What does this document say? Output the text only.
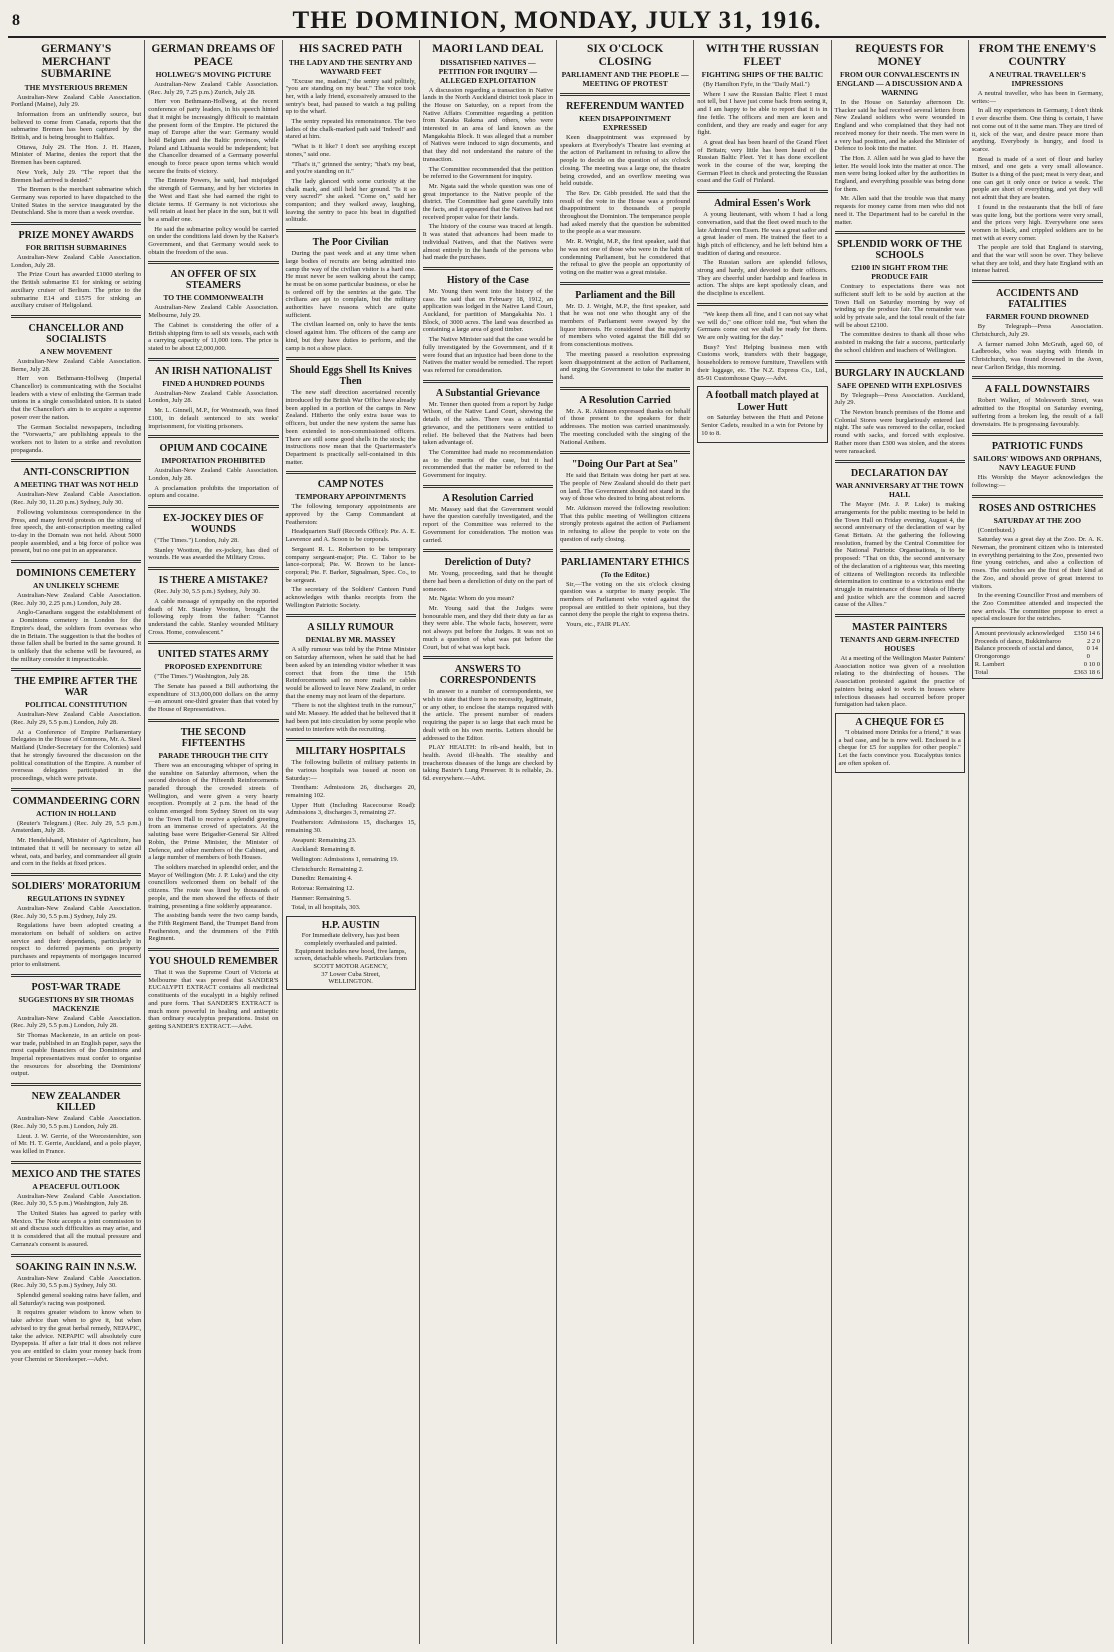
8	THE DOMINION, MONDAY, JULY 31, 1916.
GERMANY'S MERCHANT SUBMARINE
THE MYSTERIOUS BREMEN

Australian-New Zealand Cable Association. Portland (Maine), July 29.

Information from an unfriendly source, but believed to come from Canada, reports that the submarine Bremen has been captured by the British, and is being brought to Halifax.

Ottawa, July 29. The Hon. J. H. Hazen, Minister of Marine, denies the report that the Bremen has been captured.

New York, July 29. "The report that the Bremen had arrived is denied."

The Bremen is the merchant submarine which Germany was reported to have dispatched to the United States in the service inaugurated by the Deutschland. She is more than a week overdue.

PRIZE MONEY AWARDS
FOR BRITISH SUBMARINES

Australian-New Zealand Cable Association. London, July 28.

The Prize Court has awarded £1000 sterling to the British submarine E1 for sinking or seizing auxiliary cruiser of Berlium. The prize to the submarine E14 and £1575 for sinking an auxiliary cruiser of Heligoland.

CHANCELLOR AND SOCIALISTS
A NEW MOVEMENT

Australian-New Zealand Cable Association. Berne, July 28.

Herr von Bethmann-Hollweg (Imperial Chancellor) is communicating with the Socialist leaders with a view of enlisting the German trade unions in a single consolidated union. It is stated that the Chancellor's aim is to acquire a supreme power over the nation.

The German Socialist newspapers, including the "Vorwaerts," are publishing appeals to the workers not to listen to a strike and revolution propaganda.

ANTI-CONSCRIPTION
A MEETING THAT WAS NOT HELD

Australian-New Zealand Cable Association. (Rec. July 30, 11.20 p.m.) Sydney, July 30.

Following voluminous correspondence in the Press, and many fervid protests on the sitting of free speech, the anti-conscription meeting called to-day in the Domain was not held. About 5000 people assembled, and a big force of police was present, but no one put in an appearance.

DOMINIONS CEMETERY
AN UNLIKELY SCHEME

Australian-New Zealand Cable Association. (Rec. July 30, 2.25 p.m.) London, July 28.

Anglo-Canadians suggest the establishment of a Dominions cemetery in London for the Empire's dead, the soldiers from overseas who die in Britain. The suggestion is that the bodies of those fallen shall be buried in the same ground. It is unlikely that the scheme will be favoured, as the military consider it impracticable.

THE EMPIRE AFTER THE WAR
POLITICAL CONSTITUTION

Australian-New Zealand Cable Association. (Rec. July 29, 5.5 p.m.) London, July 28.

At a Conference of Empire Parliamentary Delegates in the House of Commons, Mr. A. Steel Maitland (Under-Secretary for the Colonies) said that he strongly favoured the discussion on the political constitution of the Empire. A number of overseas delegates participated in the proceedings, which were private.

COMMANDEERING CORN
ACTION IN HOLLAND

(Reuter's Telegram.) (Rec. July 29, 5.5 p.m.) Amsterdam, July 28.

Mr. Hendelshand, Minister of Agriculture, has intimated that it will be necessary to seize all wheat, oats, and barley, and commandeer all grain and corn in the fields at fixed prices.

SOLDIERS' MORATORIUM
REGULATIONS IN SYDNEY

Australian-New Zealand Cable Association. (Rec. July 30, 5.5 p.m.) Sydney, July 29.

Regulations have been adopted creating a moratorium on behalf of soldiers on active service and their dependants, particularly in respect to deferred payments on property purchases and repayments of mortgages incurred prior to enlistment.

POST-WAR TRADE
SUGGESTIONS BY SIR THOMAS MACKENZIE

Australian-New Zealand Cable Association. (Rec. July 29, 5.5 p.m.) London, July 28.

Sir Thomas Mackenzie, in an article on post-war trade, published in an English paper, says the most capable financiers of the Dominions and Imperial representatives must confer to organise the resources for absorbing the Dominions' output.

NEW ZEALANDER KILLED

Australian-New Zealand Cable Association. (Rec. July 30, 5.5 p.m.) London, July 28.

Lieut. J. W. Gerrie, of the Worcestershire, son of Mr. H. T. Gerrie, Auckland, and a polo player, was killed in France.

MEXICO AND THE STATES
A PEACEFUL OUTLOOK

Australian-New Zealand Cable Association. (Rec. July 30, 5.5 p.m.) Washington, July 28.

The United States has agreed to parley with Mexico. The Note accepts a joint commission to sit and discuss such difficulties as may arise, and it is considered that all the mutual pressure and Carranza's consent is assured.

SOAKING RAIN IN N.S.W.

Australian-New Zealand Cable Association. (Rec. July 30, 5.5 p.m.) Sydney, July 30.

Splendid general soaking rains have fallen, and all Saturday's racing was postponed.

It requires greater wisdom to know when to take advice than when to give it, but when advised to try the great herbal remedy, NEPAPIC, take the advice. NEPAPIC will absolutely cure Dyspepsia. If after a fair trial it does not relieve you are entitled to claim your money back from your Chemist or Storekeeper.—Advt.

GERMAN DREAMS OF PEACE
HOLLWEG'S MOVING PICTURE

Australian-New Zealand Cable Association. (Rec. July 29, 7.25 p.m.) Zurich, July 28.

Herr von Bethmann-Hollweg, at the recent conference of party leaders, in his speech hinted that it might be increasingly difficult to maintain the present form of the Empire. He pictured the map of Europe after the war: Germany would hold Belgium and the Baltic provinces, while Poland and Lithuania would be independent; but the Chancellor dreamed of a Germany powerful enough to force peace upon terms which would secure the fruits of victory.

The Entente Powers, he said, had misjudged the strength of Germany, and by her victories in the West and East she had earned the right to dictate terms. If Germany is not victorious she will retain at least her place in the sun, but it will be a smaller one.

He said the submarine policy would be carried on under the conditions laid down by the Kaiser's Government, and that Germany would seek to obtain the freedom of the seas.

AN OFFER OF SIX STEAMERS
TO THE COMMONWEALTH

Australian-New Zealand Cable Association. Melbourne, July 29.

The Cabinet is considering the offer of a British shipping firm to sell six vessels, each with a carrying capacity of 11,000 tons. The price is stated to be about £2,000,000.

AN IRISH NATIONALIST
FINED A HUNDRED POUNDS

Australian-New Zealand Cable Association. London, July 28.

Mr. L. Ginnell, M.P., for Westmeath, was fined £100, in default sentenced to six weeks' imprisonment, for visiting prisoners.

OPIUM AND COCAINE
IMPORTATION PROHIBITED

Australian-New Zealand Cable Association. London, July 28.

A proclamation prohibits the importation of opium and cocaine.

EX-JOCKEY DIES OF WOUNDS

("The Times.") London, July 28.

Stanley Wootton, the ex-jockey, has died of wounds. He was awarded the Military Cross.

IS THERE A MISTAKE?

(Rec. July 30, 5.5 p.m.) Sydney, July 30.

A cable message of sympathy on the reported death of Mr. Stanley Wootton, brought the following reply from the father: "Cannot understand the cable. Stanley wounded Military Cross. Home, convalescent."

UNITED STATES ARMY
PROPOSED EXPENDITURE

("The Times.") Washington, July 28.

The Senate has passed a Bill authorising the expenditure of 313,000,000 dollars on the army—an amount one-third greater than that voted by the House of Representatives.

THE SECOND FIFTEENTHS
PARADE THROUGH THE CITY

There was an encouraging whisper of spring in the sunshine on Saturday afternoon, when the second division of the Fifteenth Reinforcements paraded through the crowded streets of Wellington, and were given a very hearty reception. Promptly at 2 p.m. the head of the column emerged from Sydney Street on its way to the Town Hall to receive a splendid greeting from an immense crowd of spectators. At the saluting base were Brigadier-General Sir Alfred Robin, the Prime Minister, the Minister of Defence, and other members of the Cabinet, and a large number of members of both Houses.

The soldiers marched in splendid order, and the Mayor of Wellington (Mr. J. P. Luke) and the city councillors welcomed them on behalf of the citizens. The route was lined by thousands of people, and the men showed the effects of their training, presenting a fine soldierly appearance.

The assisting bands were the two camp bands, the Fifth Regiment Band, the Trumpet Band from Featherston, and the drummers of the Fifth Regiment.

YOU SHOULD REMEMBER

That it was the Supreme Court of Victoria at Melbourne that was proved that SANDER'S EUCALYPTI EXTRACT contains all medicinal constituents of the eucalypti in a highly refined and pure form. That SANDER'S EXTRACT is much more powerful in healing and antiseptic than ordinary eucalyptus preparations. Insist on getting SANDER'S EXTRACT.—Advt.

HIS SACRED PATH
THE LADY AND THE SENTRY AND WAYWARD FEET

"Excuse me, madam," the sentry said politely, "you are standing on my beat." The voice took her, with a lady friend, excessively amused to the sentry's beat, had paused to watch a tug pulling up to the wharf.

The sentry repeated his remonstrance. The two ladies of the chalk-marked path said 'Indeed!' and stared at him.

"What is it like? I don't see anything except stones," said one.

"That's it," grinned the sentry; "that's my beat, and you're standing on it."

The lady glanced with some curiosity at the chalk mark, and still held her ground. "Is it so very sacred?" she asked. "Come on," said her companion; and they walked away, laughing, leaving the sentry to pace his beat in dignified solitude.

The Poor Civilian

During the past week and at any time when large bodies of recruits are being admitted into camp the way of the civilian visitor is a hard one. He must never be seen walking about the camp; he must be on some particular business, or else he is ordered off by the sentries at the gate. The civilians are apt to complain, but the military authorities have reasons which are quite sufficient.

The civilian learned on, only to have the tents closed against him. The officers of the camp are kind, but they have duties to perform, and the camp is not a show place.

Should Eggs Shell Its Knives Then

The new staff direction ascertained recently introduced by the British War Office have already been applied in a portion of the camps in New Zealand. Hitherto the only extra issue was to officers, but under the new system the same has been extended to non-commissioned officers. There are still some good shells in the stock; the instructions now mean that the Quartermaster's Department is practically self-contained in this matter.

CAMP NOTES
TEMPORARY APPOINTMENTS

The following temporary appointments are approved by the Camp Commandant at Featherston:

Headquarters Staff (Records Office): Pte. A. E. Lawrence and A. Scoon to be corporals.

Sergeant R. L. Robertson to be temporary company sergeant-major; Pte. C. Tabor to be lance-corporal; Pte. W. Brown to be lance-corporal; Pte. F. Barker, Signalman, Spec. Co., to be sergeant.

The secretary of the Soldiers' Canteen Fund acknowledges with thanks receipts from the Wellington Patriotic Society.

A SILLY RUMOUR
DENIAL BY MR. MASSEY

A silly rumour was told by the Prime Minister on Saturday afternoon, when he said that he had been asked by an intending visitor whether it was correct that from the time the 15th Reinforcements sail no more mails or cables would be allowed to leave New Zealand, in order that the enemy may not learn of the departure.

"There is not the slightest truth in the rumour," said Mr. Massey. He added that he believed that it had been put into circulation by some people who wanted to interfere with the recruiting.

MILITARY HOSPITALS

The following bulletin of military patients in the various hospitals was issued at noon on Saturday:—

Trentham: Admissions 26, discharges 20, remaining 102.

Upper Hutt (Including Racecourse Road): Admissions 3, discharges 3, remaining 27.

Featherston: Admissions 15, discharges 15, remaining 30.

Awapuni: Remaining 23.

Auckland: Remaining 8.

Wellington: Admissions 1, remaining 19.

Christchurch: Remaining 2.

Dunedin: Remaining 4.

Rotorua: Remaining 12.

Hanmer: Remaining 5.

Total, in all hospitals, 303.

H.P. AUSTIN
For Immediate delivery, has just been completely overhauled and painted.
Equipment includes new hood, five lamps, screen, detachable wheels. Particulars from
SCOTT MOTOR AGENCY,
37 Lower Cuba Street,
WELLINGTON.
MAORI LAND DEAL
DISSATISFIED NATIVES — PETITION FOR INQUIRY — ALLEGED EXPLOITATION

A discussion regarding a transaction in Native lands in the North Auckland district took place in the House on Saturday, on a report from the Native Affairs Committee regarding a petition from Karaka Rakena and others, who were interested in an area of land known as the Mangakahia Block. It was alleged that a number of Natives were induced to sign documents, and that they did not understand the nature of the transaction.

The Committee recommended that the petition be referred to the Government for inquiry.

Mr. Ngata said the whole question was one of great importance to the Native people of the district. The Committee had gone carefully into the facts, and it appeared that the Natives had not received proper value for their lands.

The history of the course was traced at length. It was stated that advances had been made to individual Natives, and that the Natives were almost entirely in the hands of the persons who had made the purchases.

History of the Case

Mr. Young then went into the history of the case. He said that on February 18, 1912, an application was lodged in the Native Land Court, Auckland, for partition of Mangakahia No. 1 Block, of 3000 acres. The land was described as containing a large area of good timber.

The Native Minister said that the case would be fully investigated by the Government, and if it were found that an injustice had been done to the Natives the matter would be remedied. The report was referred for consideration.

A Substantial Grievance

Mr. Tenner then quoted from a report by Judge Wilson, of the Native Land Court, showing the details of the sales. There was a substantial grievance, and the petitioners were entitled to relief. He believed that the Natives had been taken advantage of.

The Committee had made no recommendation as to the merits of the case, but it had recommended that the matter be referred to the Government for inquiry.

A Resolution Carried

Mr. Massey said that the Government would have the question carefully investigated, and the report of the Committee was referred to the Government for consideration. The motion was carried.

Dereliction of Duty?

Mr. Young, proceeding, said that he thought there had been a dereliction of duty on the part of someone.

Mr. Ngata: Whom do you mean?

Mr. Young said that the Judges were honourable men, and they did their duty as far as they were able. The whole facts, however, were not always put before the Judges. It was not so much a question of what was put before the Court, but of what was kept back.

ANSWERS TO CORRESPONDENTS

In answer to a number of correspondents, we wish to state that there is no necessity, legitimate, or any other, to enclose the stamps required with the article. The present number of readers requiring the paper is so large that each must be dealt with on his own merits. Letters should be addressed to the Editor.

PLAY HEALTH: In rib-and health, but in health. Avoid ill-health. The stealthy and treacherous diseases of the lungs are checked by taking Baxter's Lung Preserver. It is reliable, 2s. 6d. everywhere.—Advt.

SIX O'CLOCK CLOSING
PARLIAMENT AND THE PEOPLE — MEETING OF PROTEST
REFERENDUM WANTED
KEEN DISAPPOINTMENT EXPRESSED

Keen disappointment was expressed by speakers at Everybody's Theatre last evening at the action of Parliament in refusing to allow the people to decide on the question of six o'clock closing. The meeting was a large one, the theatre being crowded, and an overflow meeting was held outside.

The Rev. Dr. Gibb presided. He said that the result of the vote in the House was a profound disappointment to thousands of people throughout the Dominion. The temperance people had asked merely that the question be submitted to the people as a war measure.

Mr. R. Wright, M.P., the first speaker, said that he was not one of those who were in the habit of condemning Parliament, but he considered that the refusal to give the people an opportunity of voting on the matter was a great mistake.

Parliament and the Bill

Mr. D. J. Wright, M.P., the first speaker, said that he was not one who thought any of the members of Parliament were swayed by the liquor interests. He considered that the majority of members who voted against the Bill did so from conscientious motives.

The meeting passed a resolution expressing keen disappointment at the action of Parliament, and urging the Government to take the matter in hand.

A Resolution Carried

Mr. A. R. Atkinson expressed thanks on behalf of those present to the speakers for their addresses. The motion was carried unanimously. The meeting concluded with the singing of the National Anthem.

"Doing Our Part at Sea"

He said that Britain was doing her part at sea. The people of New Zealand should do their part on land. The Government should not stand in the way of those who desired to bring about reform.

Mr. Atkinson moved the following resolution: That this public meeting of Wellington citizens strongly protests against the action of Parliament in refusing to allow the people to vote on the question of early closing.

PARLIAMENTARY ETHICS
(To the Editor.)

Sir,—The voting on the six o'clock closing question was a surprise to many people. The members of Parliament who voted against the proposal are entitled to their opinions, but they cannot deny the people the right to express theirs.

Yours, etc., FAIR PLAY.

WITH THE RUSSIAN FLEET
FIGHTING SHIPS OF THE BALTIC

(By Hamilton Fyfe, in the "Daily Mail.")

Where I saw the Russian Baltic Fleet I must not tell, but I have just come back from seeing it, and I am happy to be able to report that it is in fine fettle. The officers and men are keen and confident, and they are ready and eager for any fight.

A great deal has been heard of the Grand Fleet of Britain; very little has been heard of the Russian Baltic Fleet. Yet it has done excellent work in the course of the war, keeping the German Fleet in check and protecting the Russian coast and the Gulf of Finland.

Admiral Essen's Work

A young lieutenant, with whom I had a long conversation, said that the fleet owed much to the late Admiral von Essen. He was a great sailor and a great leader of men. He trained the fleet to a high pitch of efficiency, and he left behind him a tradition of daring and resource.

The Russian sailors are splendid fellows, strong and hardy, and devoted to their officers. They are cheerful under hardship and fearless in action. The ships are kept spotlessly clean, and the discipline is excellent.

"We keep them all fine, and I can not say what we will do," one officer told me, "but when the Germans come out we shall be ready for them. We are only waiting for the day."

Busy? Yes! Helping business men with Customs work, transfers with their baggage, householders to remove furniture, Travellers with their luggage, etc. The N.Z. Express Co., Ltd., 85-91 Customhouse Quay.—Advt.

A football match played at Lower Hutt

on Saturday between the Hutt and Petone Senior Cadets, resulted in a win for Petone by 10 to 8.

REQUESTS FOR MONEY
FROM OUR CONVALESCENTS IN ENGLAND — A DISCUSSION AND A WARNING

In the House on Saturday afternoon Dr. Thacker said he had received several letters from New Zealand soldiers who were wounded in England and who complained that they had not received money for their needs. The men were in a very bad position, and he asked the Minister of Defence to look into the matter.

The Hon. J. Allen said he was glad to have the letter. He would look into the matter at once. The men were being looked after by the authorities in England, and everything possible was being done for them.

Mr. Allen said that the trouble was that many requests for money came from men who did not need it. The Department had to be careful in the matter.

SPLENDID WORK OF THE SCHOOLS
£2100 IN SIGHT FROM THE PRODUCE FAIR

Contrary to expectations there was not sufficient stuff left to be sold by auction at the Town Hall on Saturday morning by way of winding up the produce fair. The remainder was sold by private sale, and the total result of the fair will be about £2100.

The committee desires to thank all those who assisted in making the fair a success, particularly the school children and teachers of Wellington.

BURGLARY IN AUCKLAND
SAFE OPENED WITH EXPLOSIVES

By Telegraph—Press Association. Auckland, July 29.

The Newton branch premises of the Home and Colonial Stores were burglariously entered last night. The safe was removed to the cellar, rocked round with sacks, and forced with explosive. Rather more than £300 was stolen, and the stores were ransacked.

DECLARATION DAY
WAR ANNIVERSARY AT THE TOWN HALL

The Mayor (Mr. J. P. Luke) is making arrangements for the public meeting to be held in the Town Hall on Friday evening, August 4, the second anniversary of the declaration of war by Great Britain. At the gathering the following resolution, framed by the Central Committee for the National Patriotic Organisations, is to be proposed: "That on this, the second anniversary of the declaration of a righteous war, this meeting of citizens of Wellington records its inflexible determination to continue to a victorious end the struggle in maintenance of those ideals of liberty and justice which are the common and sacred cause of the Allies."

MASTER PAINTERS
TENANTS AND GERM-INFECTED HOUSES

At a meeting of the Wellington Master Painters' Association notice was given of a resolution relating to the disinfecting of houses. The Association protested against the practice of painters being asked to work in houses where infectious diseases had occurred before proper fumigation had taken place.

A CHEQUE FOR £5

"I obtained more Drinks for a friend," it was a bad case, and he is now well. Enclosed is a cheque for £5 for supplies for other people." Let the facts convince you. Eucalyptus tonics are often spoken of.

FROM THE ENEMY'S COUNTRY
A NEUTRAL TRAVELLER'S IMPRESSIONS

A neutral traveller, who has been in Germany, writes:—

In all my experiences in Germany, I don't think I ever describe them. One thing is certain, I have not come out of it the same man. They are tired of it, sick of the war, and desire peace more than anything. Everybody is hungry, and food is scarce.

Bread is made of a sort of flour and barley mixed, and one gets a very small allowance. Butter is a thing of the past; meat is very dear, and one can get it only once or twice a week. The people are short of everything, and yet they will not admit that they are beaten.

I found in the restaurants that the bill of fare was quite long, but the portions were very small, and the prices very high. Everywhere one sees women in black, and crippled soldiers are to be met with at every corner.

The people are told that England is starving, and that the war will soon be over. They believe what they are told, and they hate England with an intense hatred.

ACCIDENTS AND FATALITIES
FARMER FOUND DROWNED

By Telegraph—Press Association. Christchurch, July 29.

A farmer named John McGrath, aged 60, of Ladbrooks, who was staying with friends in Christchurch, was found drowned in the Avon, near Carlton Bridge, this morning.

A FALL DOWNSTAIRS

Robert Walker, of Molesworth Street, was admitted to the Hospital on Saturday evening, suffering from a broken leg, the result of a fall downstairs. He is progressing favourably.

PATRIOTIC FUNDS
SAILORS' WIDOWS AND ORPHANS, NAVY LEAGUE FUND

His Worship the Mayor acknowledges the following:—

ROSES AND OSTRICHES
SATURDAY AT THE ZOO

(Contributed.)

Saturday was a great day at the Zoo. Dr. A. K. Newman, the prominent citizen who is interested in everything pertaining to the Zoo, presented two fine young ostriches, and also a collection of roses. The ostriches are the first of their kind at the Zoo, and should prove of great interest to visitors.

In the evening Councillor Frost and members of the Zoo Committee attended and inspected the new arrivals. The committee propose to erect a special enclosure for the ostriches.

Amount previously acknowledged £350 14 6
Proceeds of dance, Bukkimbaroo	2 2 0
Balance proceeds of social and dance, Orongorongo
0 14 0
R. Lambert	0 10 0
Total	£363 18 6
